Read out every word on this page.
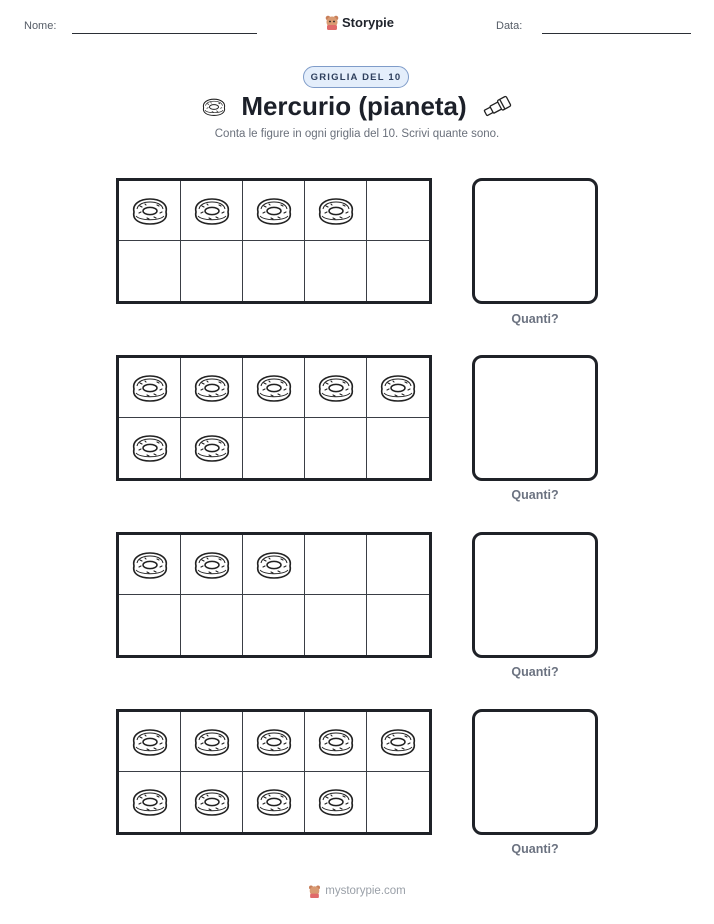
Nome:	Storypie	Data:
GRIGLIA DEL 10
Mercurio (pianeta)
Conta le figure in ogni griglia del 10. Scrivi quante sono.
Quanti?
Quanti?
Quanti?
Quanti?
mystorypie.com
